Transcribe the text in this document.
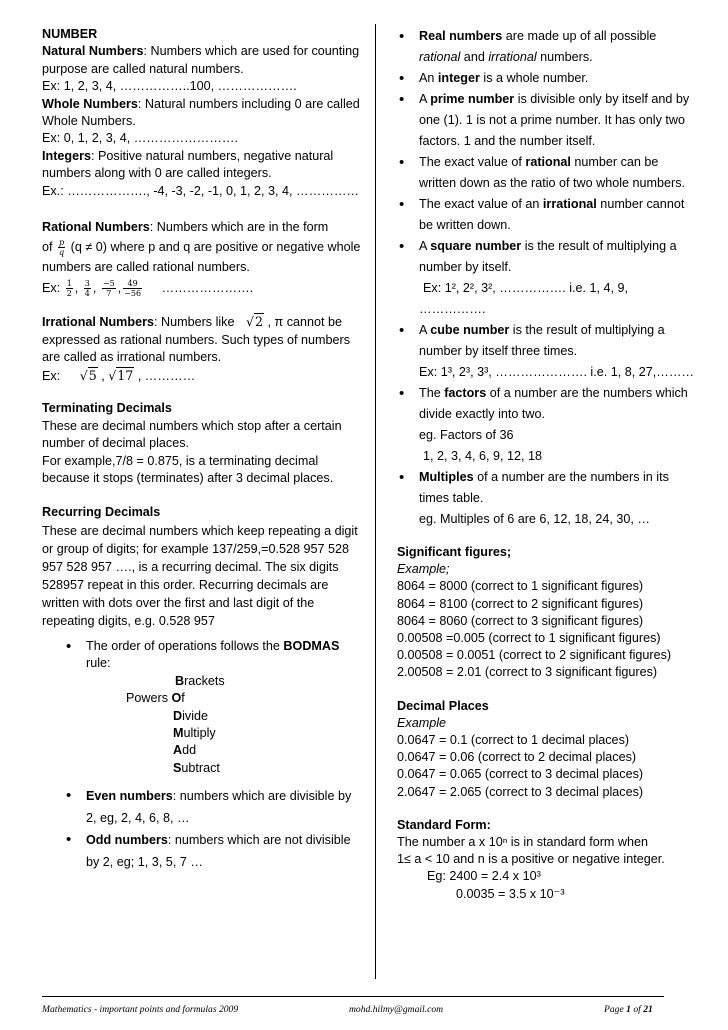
NUMBER

Natural Numbers: Numbers which are used for counting purpose are called natural numbers.

Ex: 1, 2, 3, 4, ……………..100, ……………….

Whole Numbers: Natural numbers including 0 are called Whole Numbers.

Ex: 0, 1, 2, 3, 4, …………………….

Integers: Positive natural numbers, negative natural numbers along with 0 are called integers.

Ex.: ………………., -4, -3, -2, -1, 0, 1, 2, 3, 4, ……………

Rational Numbers: Numbers which are in the form
of $\frac{p}{q} (q \ne 0)$ where p and q are positive or negative whole numbers are called rational numbers.

Ex: $\frac{1}{2}$ , $\frac{3}{4}$ , $\frac{-5}{7}$ , $\frac{49}{-56}$ ………………….

Irrational Numbers: Numbers like √2 , π cannot be expressed as rational numbers. Such types of numbers are called as irrational numbers.

Ex: √5 , √17 , …………

Terminating Decimals

These are decimal numbers which stop after a certain number of decimal places.

For example,7/8 = 0.875, is a terminating decimal because it stops (terminates) after 3 decimal places.

Recurring Decimals

These are decimal numbers which keep repeating a digit or group of digits; for example 137/259,=0.528 957 528 957 528 957 …., is a recurring decimal. The six digits 528957 repeat in this order. Recurring decimals are written with dots over the first and last digit of the repeating digits, e.g. 0.528 957

• The order of operations follows the BODMAS rule:
Brackets
Powers Of
Divide
Multiply
Add
Subtract
• Even numbers: numbers which are divisible by 2, eg, 2, 4, 6, 8, …
• Odd numbers: numbers which are not divisible by 2, eg; 1, 3, 5, 7 …
• Real numbers are made up of all possible rational and irrational numbers.
• An integer is a whole number.
• A prime number is divisible only by itself and by one (1). 1 is not a prime number. It has only two factors. 1 and the number itself.
• The exact value of rational number can be written down as the ratio of two whole numbers.
• The exact value of an irrational number cannot be written down.
• A square number is the result of multiplying a number by itself.
Ex: 1², 2², 3², ……………. i.e. 1, 4, 9, …………….
• A cube number is the result of multiplying a number by itself three times.
Ex: 1³, 2³, 3³, …………………. i.e. 1, 8, 27,………
• The factors of a number are the numbers which divide exactly into two.
eg. Factors of 36
1, 2, 3, 4, 6, 9, 12, 18
• Multiples of a number are the numbers in its times table.
eg. Multiples of 6 are 6, 12, 18, 24, 30, …

Significant figures;

Example;

8064 = 8000 (correct to 1 significant figures)

8064 = 8100 (correct to 2 significant figures)

8064 = 8060 (correct to 3 significant figures)

0.00508 =0.005 (correct to 1 significant figures)

0.00508 = 0.0051 (correct to 2 significant figures)

2.00508 = 2.01 (correct to 3 significant figures)

Decimal Places

Example

0.0647 = 0.1 (correct to 1 decimal places)

0.0647 = 0.06 (correct to 2 decimal places)

0.0647 = 0.065 (correct to 3 decimal places)

2.0647 = 2.065 (correct to 3 decimal places)

Standard Form:

The number a x 10ⁿ is in standard form when

1≤ a < 10 and n is a positive or negative integer.

Eg: 2400 = 2.4 x 10³

0.0035 = 3.5 x 10⁻³

Mathematics - important points and formulas 2009	mohd.hilmy@gmail.com	Page 1 of 21
